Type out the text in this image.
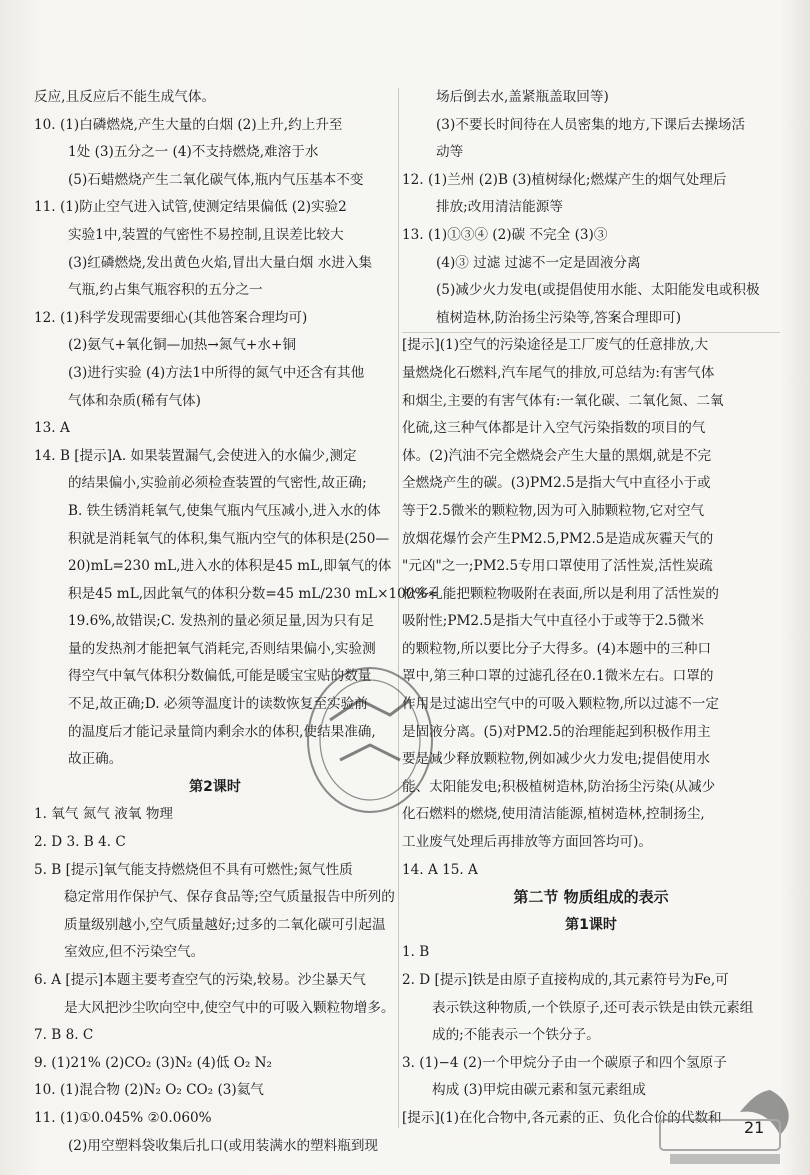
反应,且反应后不能生成气体。
10. (1)白磷燃烧,产生大量的白烟 (2)上升,约上升至
1处 (3)五分之一 (4)不支持燃烧,难溶于水
(5)石蜡燃烧产生二氧化碳气体,瓶内气压基本不变
11. (1)防止空气进入试管,使测定结果偏低 (2)实验2
实验1中,装置的气密性不易控制,且误差比较大
(3)红磷燃烧,发出黄色火焰,冒出大量白烟 水进入集
气瓶,约占集气瓶容积的五分之一
12. (1)科学发现需要细心(其他答案合理均可)
(2)氨气+氧化铜—加热→氮气+水+铜
(3)进行实验 (4)方法1中所得的氮气中还含有其他
气体和杂质(稀有气体)
13. A
14. B [提示]A. 如果装置漏气,会使进入的水偏少,测定
的结果偏小,实验前必须检查装置的气密性,故正确;
B. 铁生锈消耗氧气,使集气瓶内气压减小,进入水的体
积就是消耗氧气的体积,集气瓶内空气的体积是(250—
20)mL=230 mL,进入水的体积是45 mL,即氧气的体
积是45 mL,因此氧气的体积分数=45 mL/230 mL×100%≈
19.6%,故错误;C. 发热剂的量必须足量,因为只有足
量的发热剂才能把氧气消耗完,否则结果偏小,实验测
得空气中氧气体积分数偏低,可能是暖宝宝贴的数量
不足,故正确;D. 必须等温度计的读数恢复至实验前
的温度后才能记录量筒内剩余水的体积,使结果准确,
故正确。
第2课时
1. 氧气 氮气 液氧 物理
2. D 3. B 4. C
5. B [提示]氧气能支持燃烧但不具有可燃性;氮气性质
稳定常用作保护气、保存食品等;空气质量报告中所列的
质量级别越小,空气质量越好;过多的二氧化碳可引起温
室效应,但不污染空气。
6. A [提示]本题主要考查空气的污染,较易。沙尘暴天气
是大风把沙尘吹向空中,使空气中的可吸入颗粒物增多。
7. B 8. C
9. (1)21% (2)CO₂ (3)N₂ (4)低 O₂ N₂
10. (1)混合物 (2)N₂ O₂ CO₂ (3)氦气
11. (1)①0.045% ②0.060%
(2)用空塑料袋收集后扎口(或用装满水的塑料瓶到现
场后倒去水,盖紧瓶盖取回等)
(3)不要长时间待在人员密集的地方,下课后去操场活
动等
12. (1)兰州 (2)B (3)植树绿化;燃煤产生的烟气处理后
排放;改用清洁能源等
13. (1)①③④ (2)碳 不完全 (3)③
(4)③ 过滤 过滤不一定是固液分离
(5)减少火力发电(或提倡使用水能、太阳能发电或积极
植树造林,防治扬尘污染等,答案合理即可)
[提示](1)空气的污染途径是工厂废气的任意排放,大
量燃烧化石燃料,汽车尾气的排放,可总结为:有害气体
和烟尘,主要的有害气体有:一氧化碳、二氧化氮、二氧
化硫,这三种气体都是计入空气污染指数的项目的气
体。(2)汽油不完全燃烧会产生大量的黑烟,就是不完
全燃烧产生的碳。(3)PM2.5是指大气中直径小于或
等于2.5微米的颗粒物,因为可入肺颗粒物,它对空气
放烟花爆竹会产生PM2.5,PM2.5是造成灰霾天气的
"元凶"之一;PM2.5专用口罩使用了活性炭,活性炭疏
松多孔能把颗粒物吸附在表面,所以是利用了活性炭的
吸附性;PM2.5是指大气中直径小于或等于2.5微米
的颗粒物,所以要比分子大得多。(4)本题中的三种口
罩中,第三种口罩的过滤孔径在0.1微米左右。口罩的
作用是过滤出空气中的可吸入颗粒物,所以过滤不一定
是固液分离。(5)对PM2.5的治理能起到积极作用主
要是减少释放颗粒物,例如减少火力发电;提倡使用水
能、太阳能发电;积极植树造林,防治扬尘污染(从减少
化石燃料的燃烧,使用清洁能源,植树造林,控制扬尘,
工业废气处理后再排放等方面回答均可)。
14. A 15. A
第二节 物质组成的表示
第1课时
1. B
2. D [提示]铁是由原子直接构成的,其元素符号为Fe,可
表示铁这种物质,一个铁原子,还可表示铁是由铁元素组
成的;不能表示一个铁分子。
3. (1)−4 (2)一个甲烷分子由一个碳原子和四个氢原子
构成 (3)甲烷由碳元素和氢元素组成
[提示](1)在化合物中,各元素的正、负化合价的代数和
21
